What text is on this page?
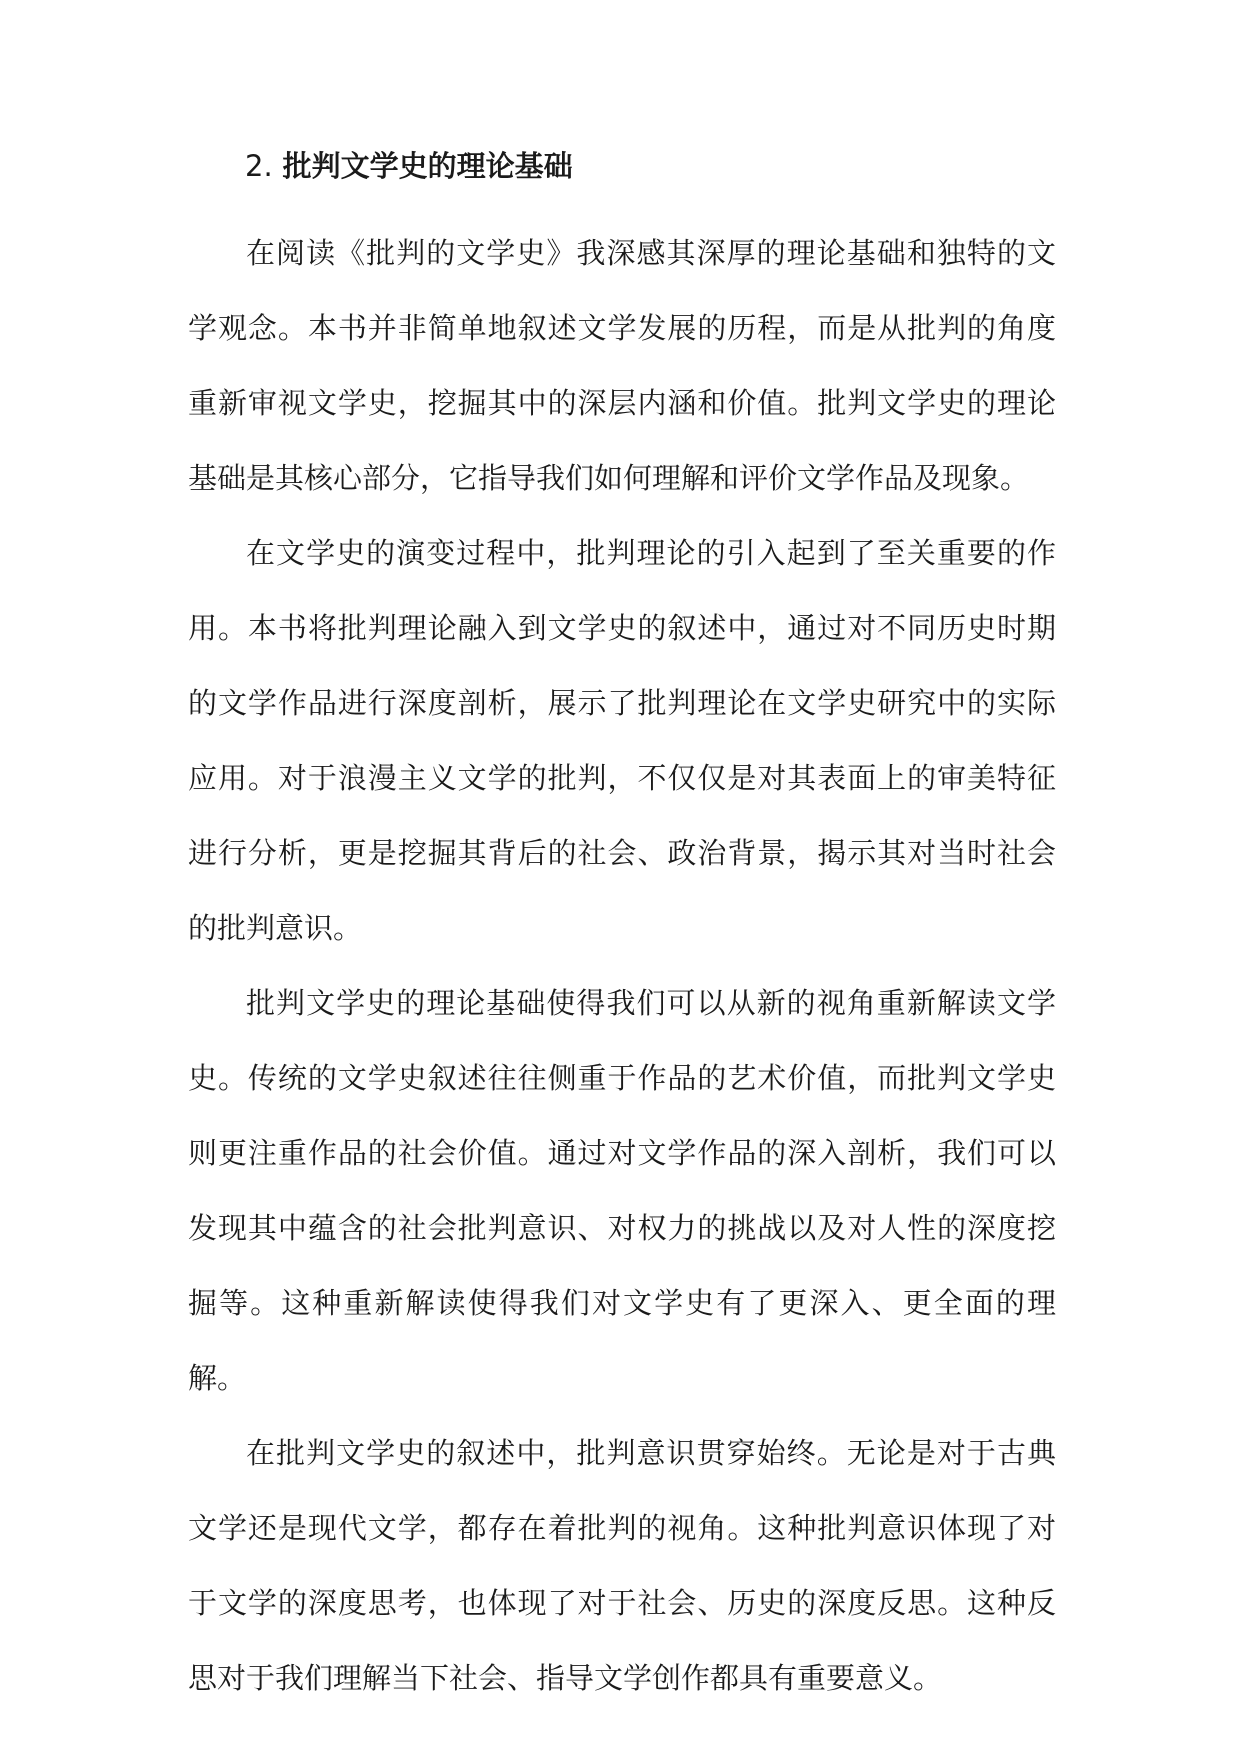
2. 批判文学史的理论基础

在阅读《批判的文学史》我深感其深厚的理论基础和独特的文学观念。本书并非简单地叙述文学发展的历程，而是从批判的角度重新审视文学史，挖掘其中的深层内涵和价值。批判文学史的理论基础是其核心部分，它指导我们如何理解和评价文学作品及现象。

在文学史的演变过程中，批判理论的引入起到了至关重要的作用。本书将批判理论融入到文学史的叙述中，通过对不同历史时期的文学作品进行深度剖析，展示了批判理论在文学史研究中的实际应用。对于浪漫主义文学的批判，不仅仅是对其表面上的审美特征进行分析，更是挖掘其背后的社会、政治背景，揭示其对当时社会的批判意识。

批判文学史的理论基础使得我们可以从新的视角重新解读文学史。传统的文学史叙述往往侧重于作品的艺术价值，而批判文学史则更注重作品的社会价值。通过对文学作品的深入剖析，我们可以发现其中蕴含的社会批判意识、对权力的挑战以及对人性的深度挖掘等。这种重新解读使得我们对文学史有了更深入、更全面的理解。

在批判文学史的叙述中，批判意识贯穿始终。无论是对于古典文学还是现代文学，都存在着批判的视角。这种批判意识体现了对于文学的深度思考，也体现了对于社会、历史的深度反思。这种反思对于我们理解当下社会、指导文学创作都具有重要意义。
